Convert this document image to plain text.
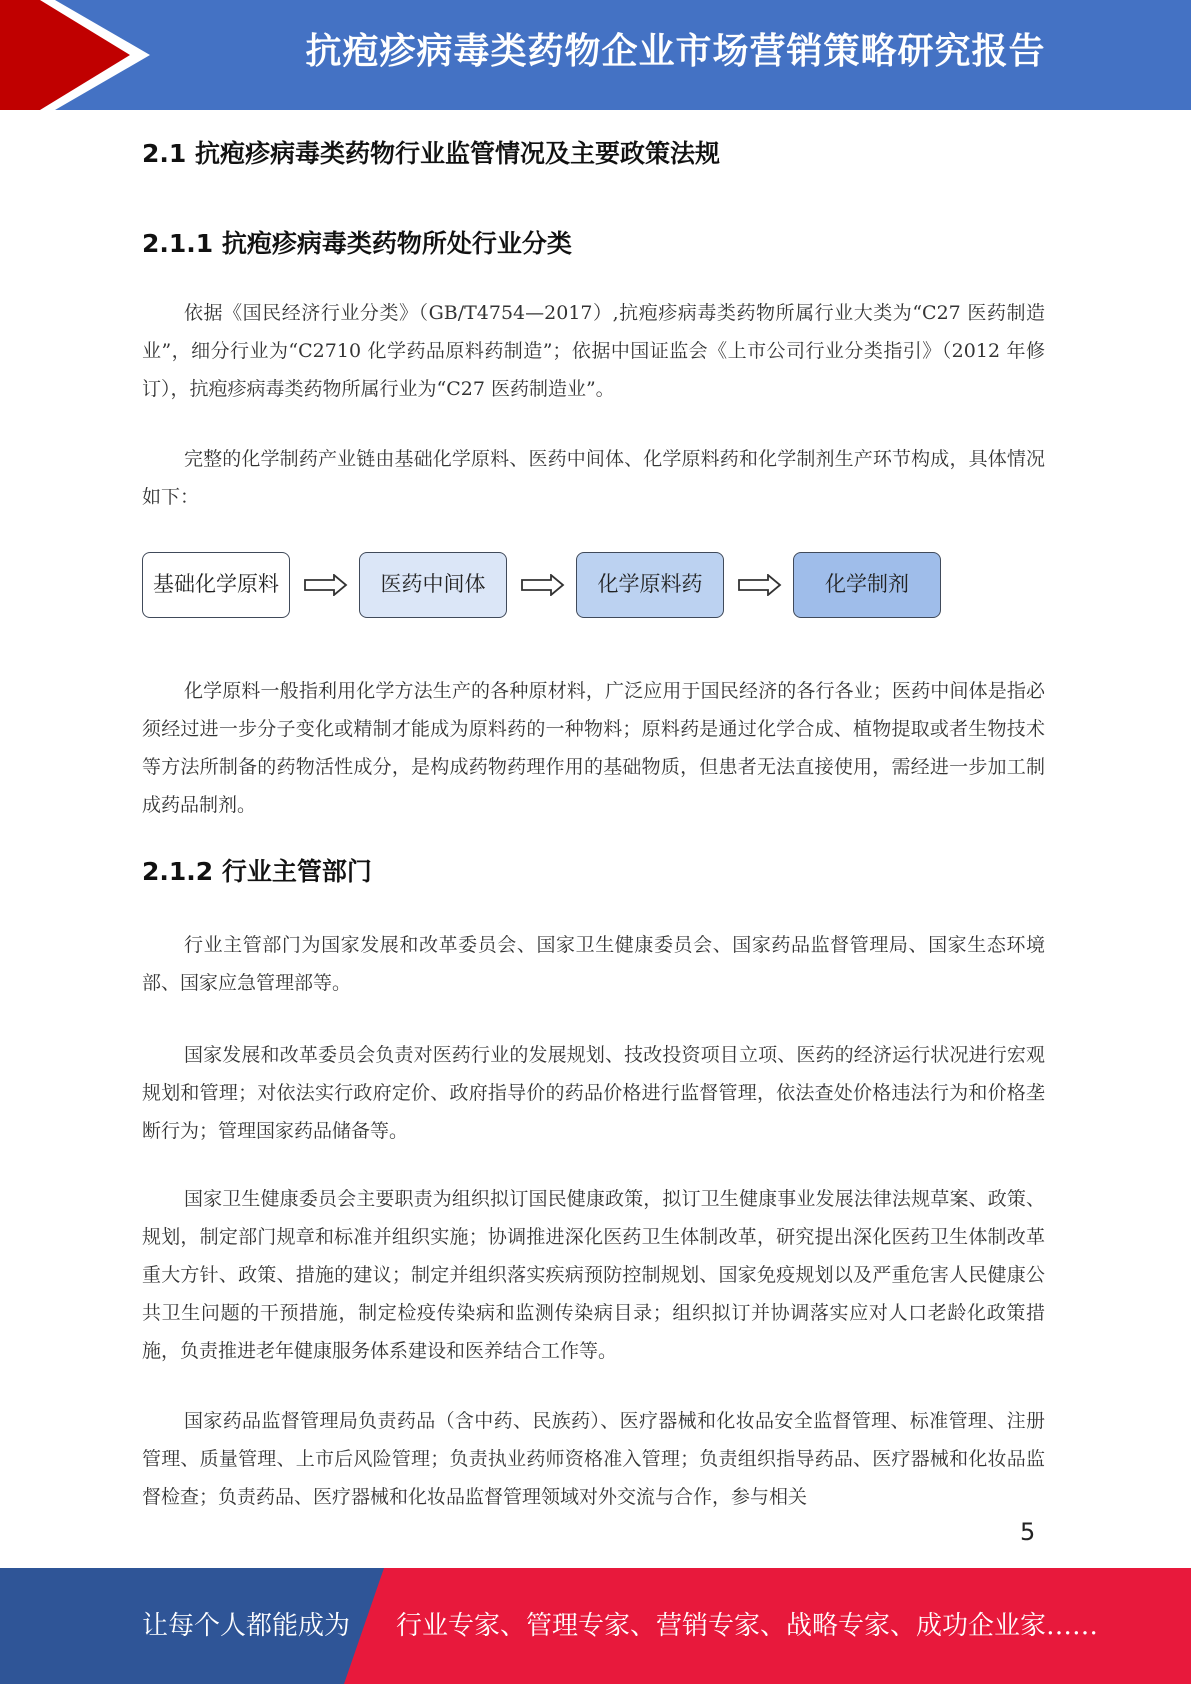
抗疱疹病毒类药物企业市场营销策略研究报告
2.1 抗疱疹病毒类药物行业监管情况及主要政策法规
2.1.1 抗疱疹病毒类药物所处行业分类

依据《国民经济行业分类》（GB/T4754—2017）,抗疱疹病毒类药物所属行业大类为“C27 医药制造业”，细分行业为“C2710 化学药品原料药制造”；依据中国证监会《上市公司行业分类指引》（2012 年修订），抗疱疹病毒类药物所属行业为“C27 医药制造业”。

完整的化学制药产业链由基础化学原料、医药中间体、化学原料药和化学制剂生产环节构成，具体情况如下：

基础化学原料	医药中间体	化学原料药	化学制剂

化学原料一般指利用化学方法生产的各种原材料，广泛应用于国民经济的各行各业；医药中间体是指必须经过进一步分子变化或精制才能成为原料药的一种物料；原料药是通过化学合成、植物提取或者生物技术等方法所制备的药物活性成分，是构成药物药理作用的基础物质，但患者无法直接使用，需经进一步加工制成药品制剂。

2.1.2 行业主管部门

行业主管部门为国家发展和改革委员会、国家卫生健康委员会、国家药品监督管理局、国家生态环境部、国家应急管理部等。

国家发展和改革委员会负责对医药行业的发展规划、技改投资项目立项、医药的经济运行状况进行宏观规划和管理；对依法实行政府定价、政府指导价的药品价格进行监督管理，依法查处价格违法行为和价格垄断行为；管理国家药品储备等。

国家卫生健康委员会主要职责为组织拟订国民健康政策，拟订卫生健康事业发展法律法规草案、政策、规划，制定部门规章和标准并组织实施；协调推进深化医药卫生体制改革，研究提出深化医药卫生体制改革重大方针、政策、措施的建议；制定并组织落实疾病预防控制规划、国家免疫规划以及严重危害人民健康公共卫生问题的干预措施，制定检疫传染病和监测传染病目录；组织拟订并协调落实应对人口老龄化政策措施，负责推进老年健康服务体系建设和医养结合工作等。

国家药品监督管理局负责药品（含中药、民族药）、医疗器械和化妆品安全监督管理、标准管理、注册管理、质量管理、上市后风险管理；负责执业药师资格准入管理；负责组织指导药品、医疗器械和化妆品监督检查；负责药品、医疗器械和化妆品监督管理领域对外交流与合作，参与相关

5
让每个人都能成为 行业专家、管理专家、营销专家、战略专家、成功企业家……
